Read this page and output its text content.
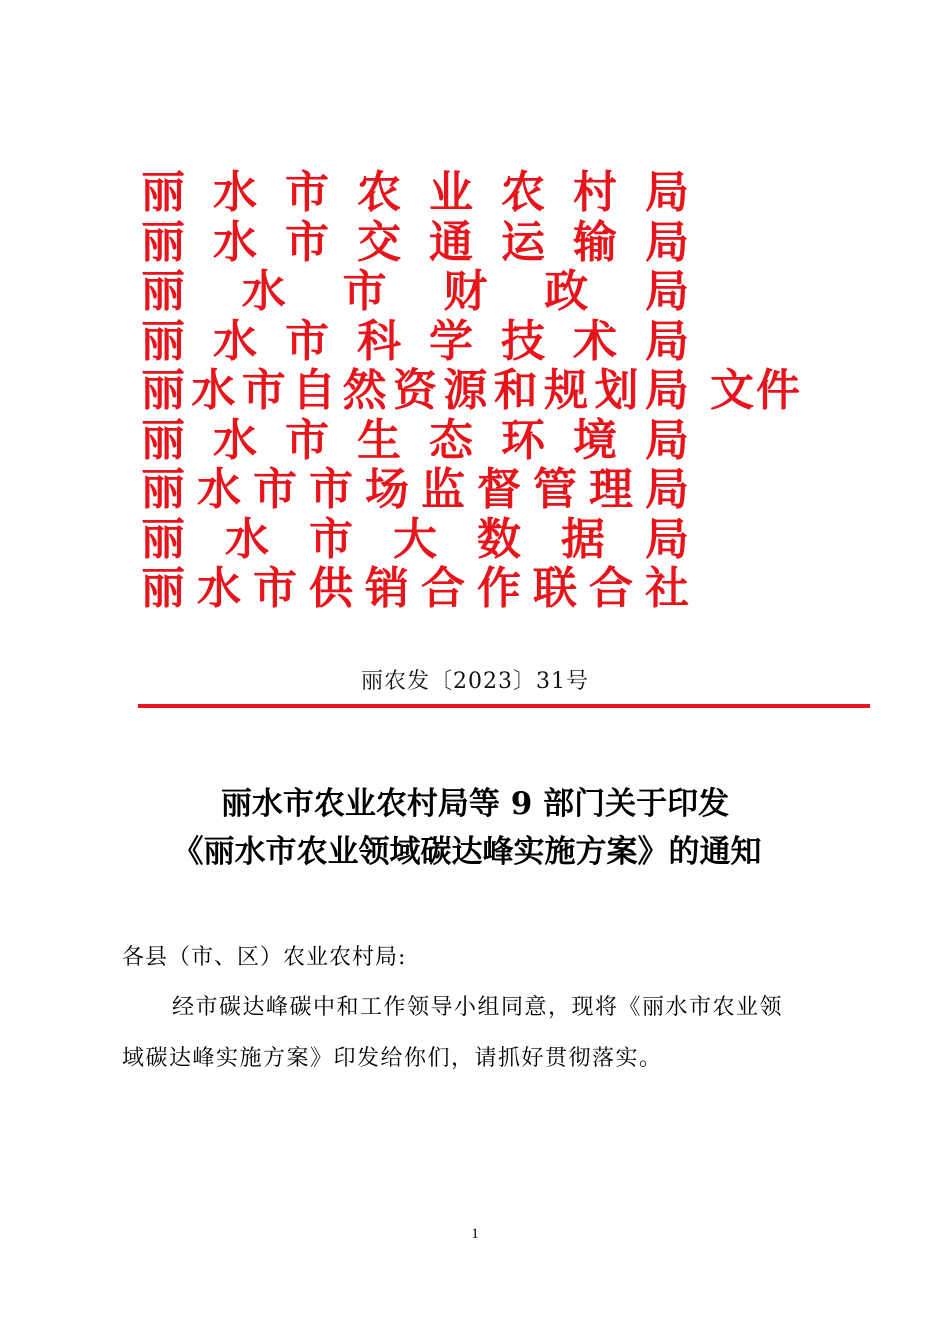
丽 水 市 农 业 农 村 局
丽 水 市 交 通 运 输 局
丽 水 市 财 政 局
丽 水 市 科 学 技 术 局
丽 水 市 自 然 资 源 和 规 划 局
丽 水 市 生 态 环 境 局
丽 水 市 市 场 监 督 管 理 局
丽 水 市 大 数 据 局
丽 水 市 供 销 合 作 联 合 社
文件
丽农发〔2023〕31号
丽水市农业农村局等 9 部门关于印发
《丽水市农业领域碳达峰实施方案》的通知
各县（市、区）农业农村局:
经市碳达峰碳中和工作领导小组同意，现将《丽水市农业领
域碳达峰实施方案》印发给你们，请抓好贯彻落实。
1
